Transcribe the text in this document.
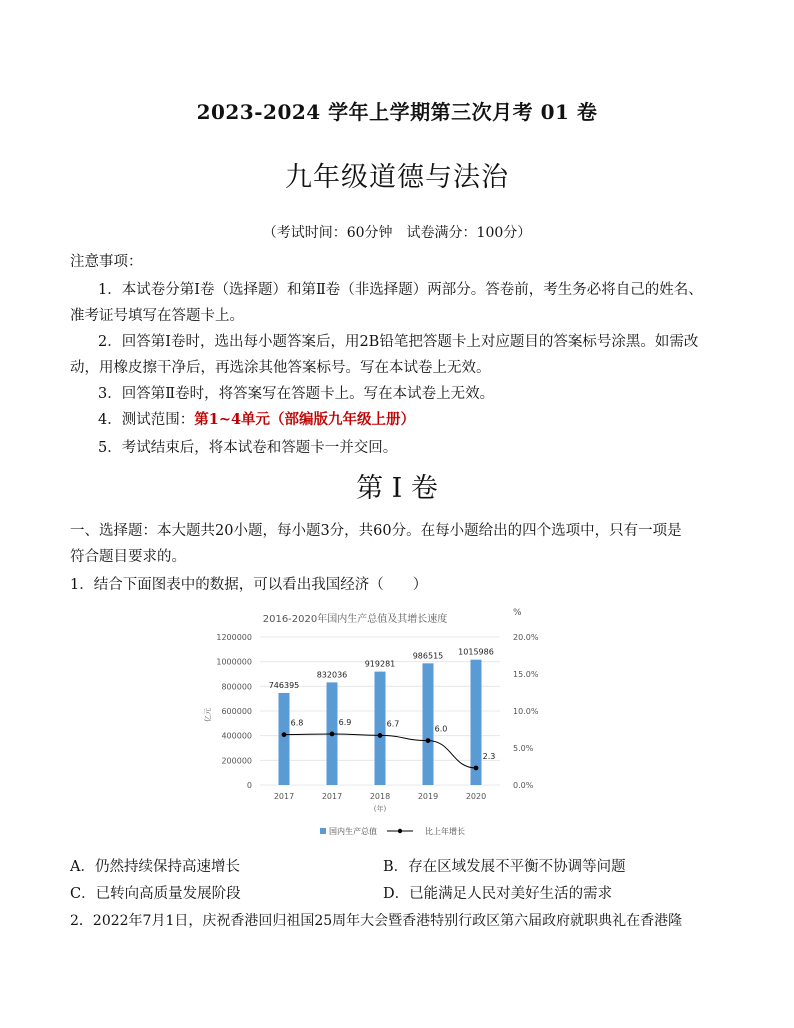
2023-2024 学年上学期第三次月考 01 卷
九年级道德与法治
（考试时间：60分钟　试卷满分：100分）
注意事项：
1．本试卷分第Ⅰ卷（选择题）和第Ⅱ卷（非选择题）两部分。答卷前，考生务必将自己的姓名、
准考证号填写在答题卡上。
2．回答第Ⅰ卷时，选出每小题答案后，用2B铅笔把答题卡上对应题目的答案标号涂黑。如需改
动，用橡皮擦干净后，再选涂其他答案标号。写在本试卷上无效。
3．回答第Ⅱ卷时，将答案写在答题卡上。写在本试卷上无效。
4．测试范围：第1~4单元（部编版九年级上册）
5．考试结束后，将本试卷和答题卡一并交回。
第 I 卷
一、选择题：本大题共20小题，每小题3分，共60分。在每小题给出的四个选项中，只有一项是
符合题目要求的。
1．结合下面图表中的数据，可以看出我国经济（　　）
2016-2020年国内生产总值及其增长速度
%
亿元
(年)
1200000
1000000
800000
600000
400000
200000
0
20.0%
15.0%
10.0%
5.0%
0.0%
2017	2017	2018	2019	2020
746395
832036
919281
986515 1015986
6.8	6.9	6.7
6.0
2.3
国内生产总值	比上年增长
A．仍然持续保持高速增长	B．存在区域发展不平衡不协调等问题
C．已转向高质量发展阶段	D．已能满足人民对美好生活的需求
2．2022年7月1日，庆祝香港回归祖国25周年大会暨香港特别行政区第六届政府就职典礼在香港隆
